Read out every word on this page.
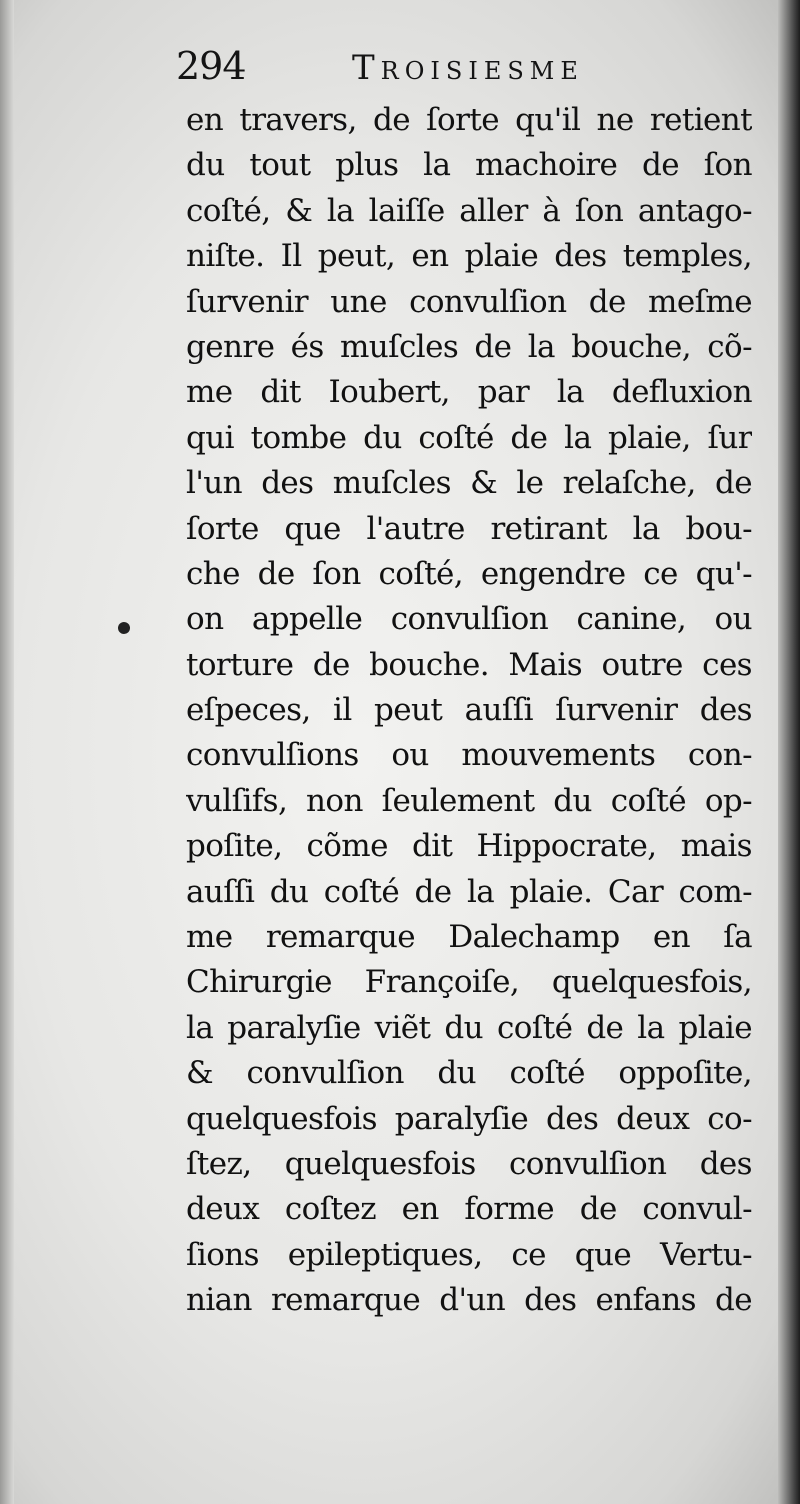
294	Troisiesme
en travers, de ſorte qu'il ne retient
du tout plus la machoire de ſon
coſté, & la laiſſe aller à ſon antago-
niſte. Il peut, en plaie des temples,
ſurvenir une convulſion de meſme
genre és muſcles de la bouche, cõ-
me dit Ioubert, par la defluxion
qui tombe du coſté de la plaie, ſur
l'un des muſcles & le relaſche, de
ſorte que l'autre retirant la bou-
che de ſon coſté, engendre ce qu'-
on appelle convulſion canine, ou
torture de bouche. Mais outre ces
eſpeces, il peut auſſi ſurvenir des
convulſions ou mouvements con-
vulſifs, non ſeulement du coſté op-
poſite, cõme dit Hippocrate, mais
auſſi du coſté de la plaie. Car com-
me remarque Dalechamp en ſa
Chirurgie Françoiſe, quelquesfois,
la paralyſie viẽt du coſté de la plaie
& convulſion du coſté oppoſite,
quelquesfois paralyſie des deux co-
ſtez, quelquesfois convulſion des
deux coſtez en forme de convul-
ſions epileptiques, ce que Vertu-
nian remarque d'un des enfans de
